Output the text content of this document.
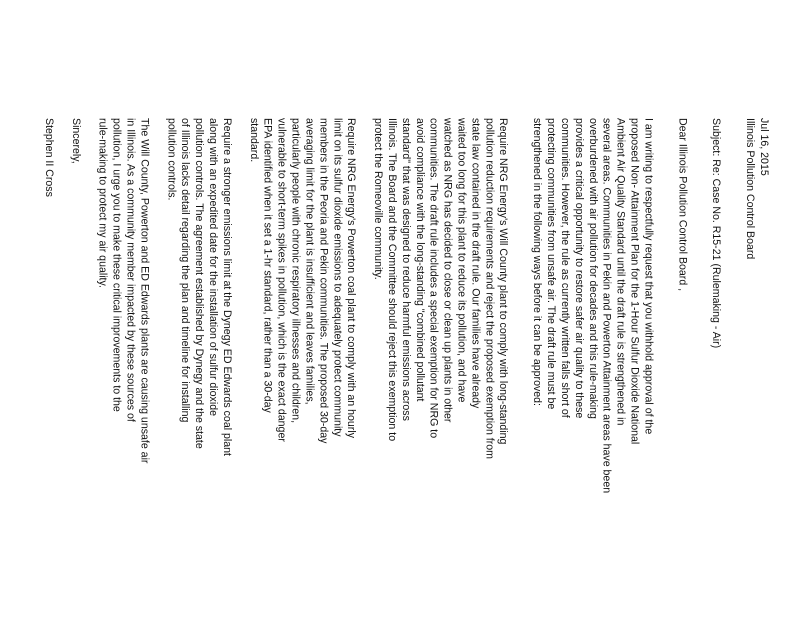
Jul 16, 2015
Illinois Pollution Control Board
Subject: Re: Case No. R15-21 (Rulemaking - Air)
Dear Illinois Pollution Control Board ,

I am writing to respectfully request that you withhold approval of the
proposed Non- Attainment Plan for the 1-Hour Sulfur Dioxide National
Ambient Air Quality Standard until the draft rule is strengthened in
several areas. Communities in Pekin and Powerton Attainment areas have been
overburdened with air pollution for decades and this rule-making
provides a critical opportunity to restore safer air quality to these
communities. However, the rule as currently written falls short of
protecting communities from unsafe air. The draft rule must be
strengthened in the following ways before it can be approved:

Require NRG Energy's Will County plant to comply with long-standing
pollution reduction requirements and reject the proposed exemption from
state law contained in the draft rule. Our families have already
waited too long for this plant to reduce its pollution, and have
watched as NRG has decided to close or clean up plants in other
communities. The draft rule includes a special exemption for NRG to
avoid compliance with the long-standing "combined pollutant
standard" that was designed to reduce harmful emissions across
Illinois. The Board and the Committee should reject this exemption to
protect the Romeoville community.

Require NRG Energy's Powerton coal plant to comply with an hourly
limit on its sulfur dioxide emissions to adequately protect community
members in the Peoria and Pekin communities. The proposed 30-day
averaging limit for the plant is insufficient and leaves families,
particularly people with chronic respiratory illnesses and children,
vulnerable to short-term spikes in pollution, which is the exact danger
EPA identified when it set a 1-hr standard, rather than a 30-day
standard.

Require a stronger emissions limit at the Dynegy ED Edwards coal plant
along with an expedited date for the installation of sulfur dioxide
pollution controls. The agreement established by Dynegy and the state
of Illinois lacks detail regarding the plan and timeline for installing
pollution controls.

The Will County, Powerton and ED Edwards plants are causing unsafe air
in Illinois. As a community member impacted by these sources of
pollution, I urge you to make these critical improvements to the
rule-making to protect my air quality.

Sincerely,
Stephen II Cross
